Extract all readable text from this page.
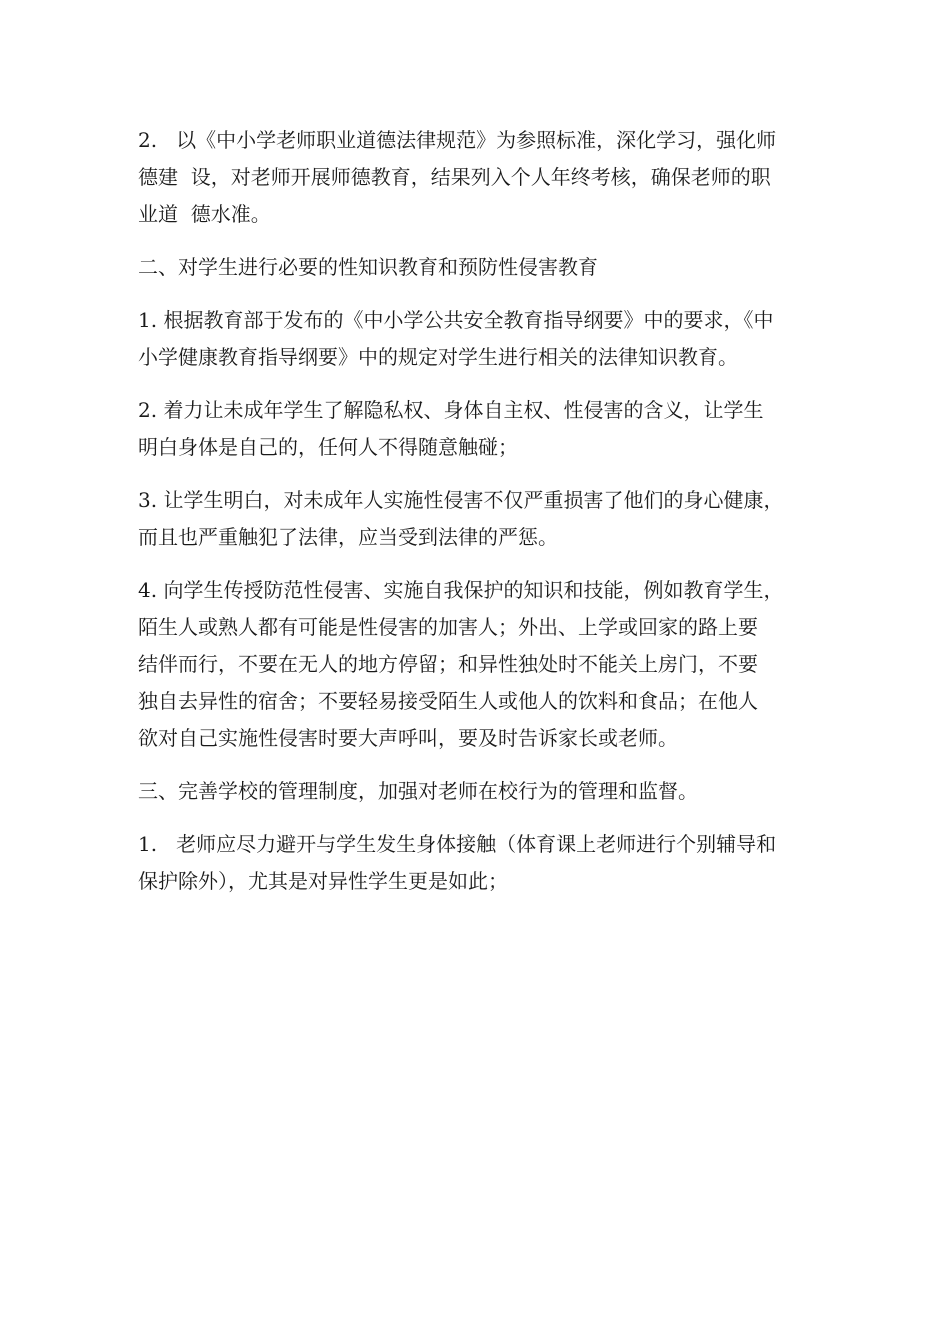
2.   以《中小学老师职业道德法律规范》为参照标准，深化学习，强化师
德建  设，对老师开展师德教育，结果列入个人年终考核，确保老师的职
业道  德水准。

二、对学生进行必要的性知识教育和预防性侵害教育

1. 根据教育部于发布的《中小学公共安全教育指导纲要》中的要求，《中
小学健康教育指导纲要》中的规定对学生进行相关的法律知识教育。

2. 着力让未成年学生了解隐私权、身体自主权、性侵害的含义，让学生
明白身体是自己的，任何人不得随意触碰；

3. 让学生明白，对未成年人实施性侵害不仅严重损害了他们的身心健康，
而且也严重触犯了法律，应当受到法律的严惩。

4. 向学生传授防范性侵害、实施自我保护的知识和技能，例如教育学生，
陌生人或熟人都有可能是性侵害的加害人；外出、上学或回家的路上要
结伴而行，不要在无人的地方停留；和异性独处时不能关上房门，不要
独自去异性的宿舍；不要轻易接受陌生人或他人的饮料和食品；在他人
欲对自己实施性侵害时要大声呼叫，要及时告诉家长或老师。

三、完善学校的管理制度，加强对老师在校行为的管理和监督。

1.   老师应尽力避开与学生发生身体接触（体育课上老师进行个别辅导和
保护除外），尤其是对异性学生更是如此；
